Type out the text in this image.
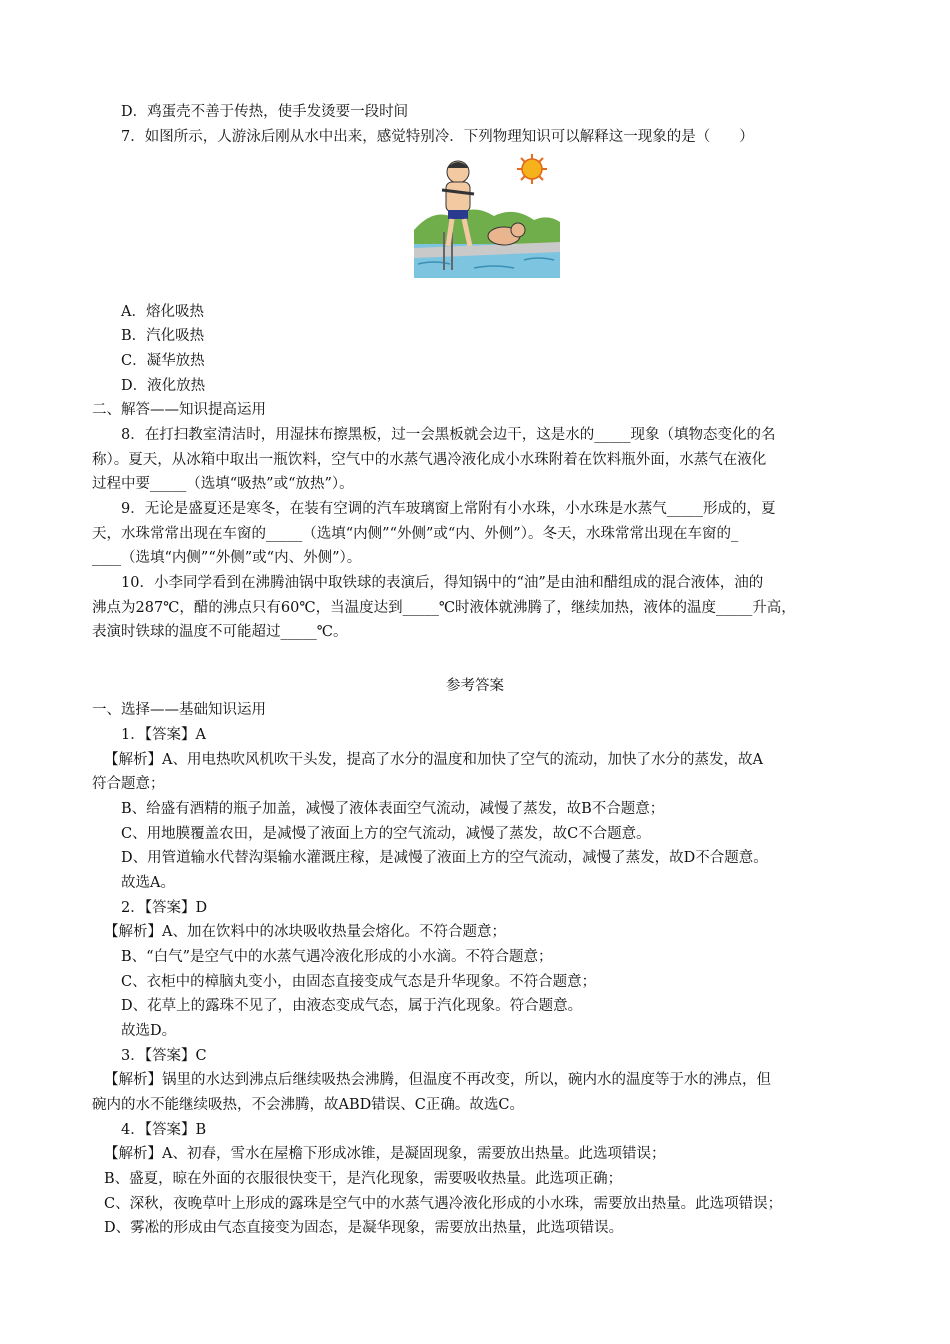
D．鸡蛋壳不善于传热，使手发烫要一段时间
7．如图所示，人游泳后刚从水中出来，感觉特别冷．下列物理知识可以解释这一现象的是（　　）
A．熔化吸热
B．汽化吸热
C．凝华放热
D．液化放热
二、解答——知识提高运用
8．在打扫教室清洁时，用湿抹布擦黑板，过一会黑板就会边干，这是水的_____现象（填物态变化的名
称）。夏天，从冰箱中取出一瓶饮料，空气中的水蒸气遇冷液化成小水珠附着在饮料瓶外面，水蒸气在液化
过程中要_____（选填“吸热”或“放热”）。
9．无论是盛夏还是寒冬，在装有空调的汽车玻璃窗上常附有小水珠，小水珠是水蒸气_____形成的，夏
天，水珠常常出现在车窗的_____（选填“内侧”“外侧”或“内、外侧”）。冬天，水珠常常出现在车窗的_
____（选填“内侧”“外侧”或“内、外侧”）。
10．小李同学看到在沸腾油锅中取铁球的表演后，得知锅中的“油”是由油和醋组成的混合液体，油的
沸点为287℃，醋的沸点只有60℃，当温度达到_____℃时液体就沸腾了，继续加热，液体的温度_____升高，
表演时铁球的温度不可能超过_____℃。
参考答案
一、选择——基础知识运用
1．【答案】A
【解析】A、用电热吹风机吹干头发，提高了水分的温度和加快了空气的流动，加快了水分的蒸发，故A
符合题意；
B、给盛有酒精的瓶子加盖，减慢了液体表面空气流动，减慢了蒸发，故B不合题意；
C、用地膜覆盖农田，是减慢了液面上方的空气流动，减慢了蒸发，故C不合题意。
D、用管道输水代替沟渠输水灌溉庄稼，是减慢了液面上方的空气流动，减慢了蒸发，故D不合题意。
故选A。
2．【答案】D
【解析】A、加在饮料中的冰块吸收热量会熔化。不符合题意；
B、“白气”是空气中的水蒸气遇冷液化形成的小水滴。不符合题意；
C、衣柜中的樟脑丸变小，由固态直接变成气态是升华现象。不符合题意；
D、花草上的露珠不见了，由液态变成气态，属于汽化现象。符合题意。
故选D。
3．【答案】C
【解析】锅里的水达到沸点后继续吸热会沸腾，但温度不再改变，所以，碗内水的温度等于水的沸点，但
碗内的水不能继续吸热，不会沸腾，故ABD错误、C正确。故选C。
4．【答案】B
【解析】A、初春，雪水在屋檐下形成冰锥，是凝固现象，需要放出热量。此选项错误；
B、盛夏，晾在外面的衣服很快变干，是汽化现象，需要吸收热量。此选项正确；
C、深秋，夜晚草叶上形成的露珠是空气中的水蒸气遇冷液化形成的小水珠，需要放出热量。此选项错误；
D、雾凇的形成由气态直接变为固态，是凝华现象，需要放出热量，此选项错误。
